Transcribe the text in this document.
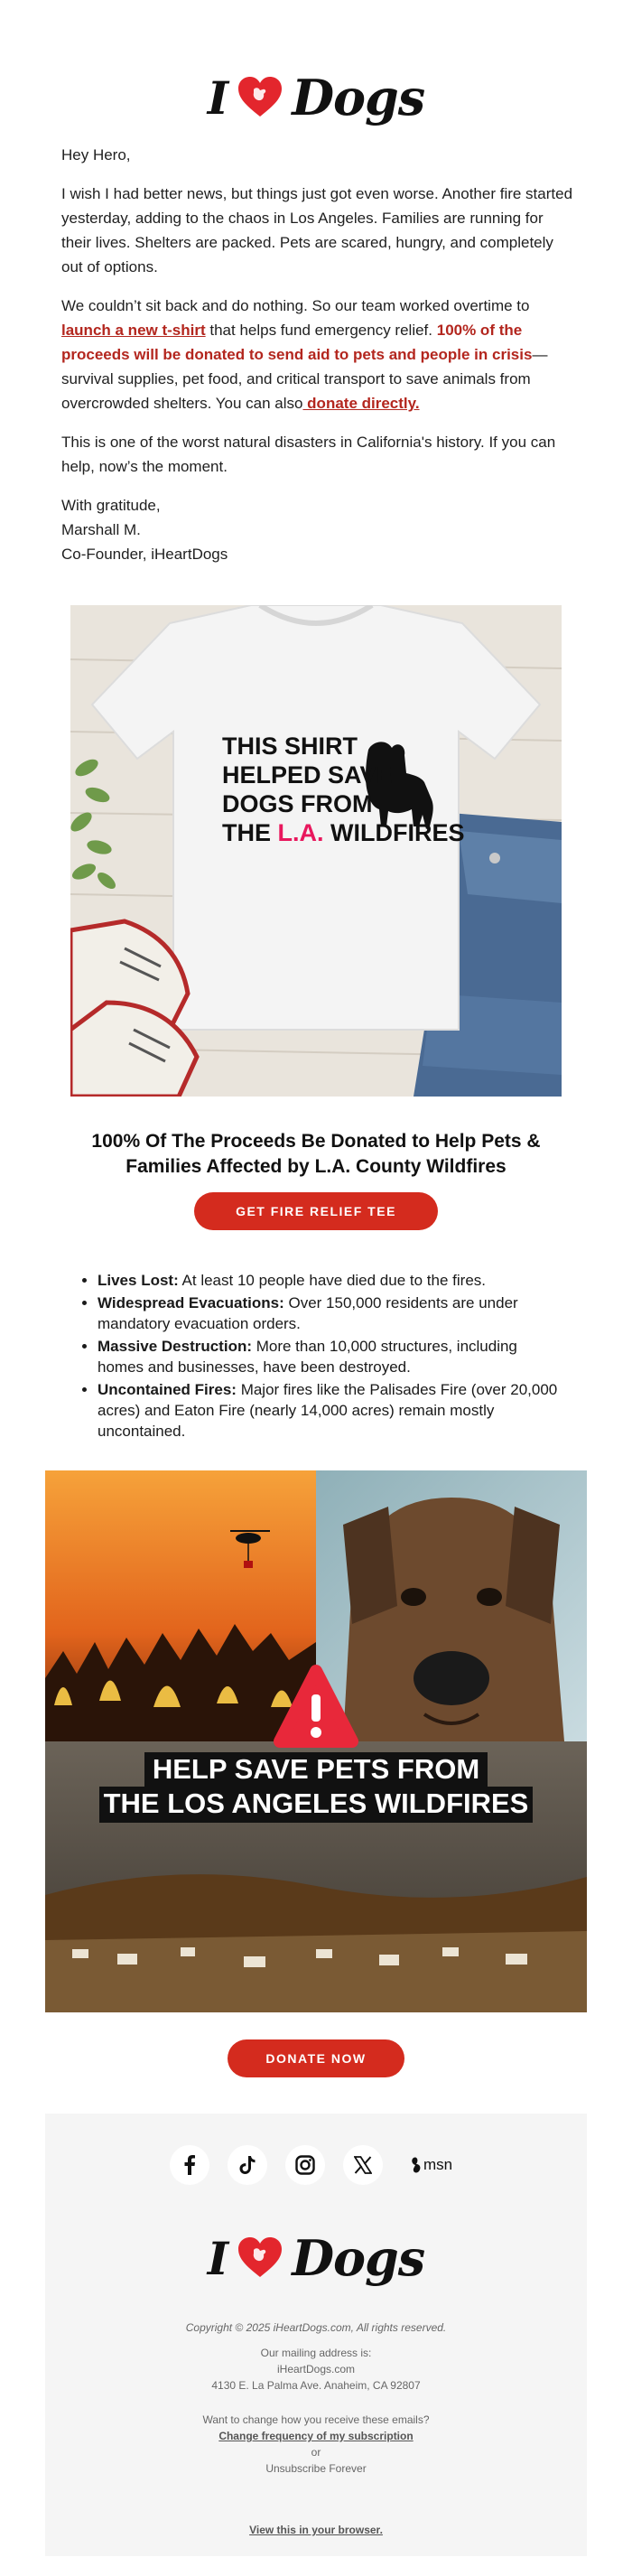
I Dogs

Hey Hero,

I wish I had better news, but things just got even worse. Another fire started yesterday, adding to the chaos in Los Angeles. Families are running for their lives. Shelters are packed. Pets are scared, hungry, and completely out of options.

We couldn’t sit back and do nothing. So our team worked overtime to launch a new t-shirt that helps fund emergency relief. 100% of the proceeds will be donated to send aid to pets and people in crisis—survival supplies, pet food, and critical transport to save animals from overcrowded shelters. You can also donate directly.

This is one of the worst natural disasters in California's history. If you can help, now’s the moment.

With gratitude,

Marshall M.

Co-Founder, iHeartDogs

THIS SHIRT
HELPED SAVE
DOGS FROM
THE L.A. WILDFIRES
100% Of The Proceeds Be Donated to Help Pets & Families Affected by L.A. County Wildfires
GET FIRE RELIEF TEE
• Lives Lost: At least 10 people have died due to the fires.
• Widespread Evacuations: Over 150,000 residents are under mandatory evacuation orders.
• Massive Destruction: More than 10,000 structures, including homes and businesses, have been destroyed.
• Uncontained Fires: Major fires like the Palisades Fire (over 20,000 acres) and Eaton Fire (nearly 14,000 acres) remain mostly uncontained.
HELP SAVE PETS FROM
THE LOS ANGELES WILDFIRES
DONATE NOW
msn
I Dogs
Copyright © 2025 iHeartDogs.com, All rights reserved.
Our mailing address is:
iHeartDogs.com
4130 E. La Palma Ave. Anaheim, CA 92807
Want to change how you receive these emails?
Change frequency of my subscription
or
Unsubscribe Forever
View this in your browser.
